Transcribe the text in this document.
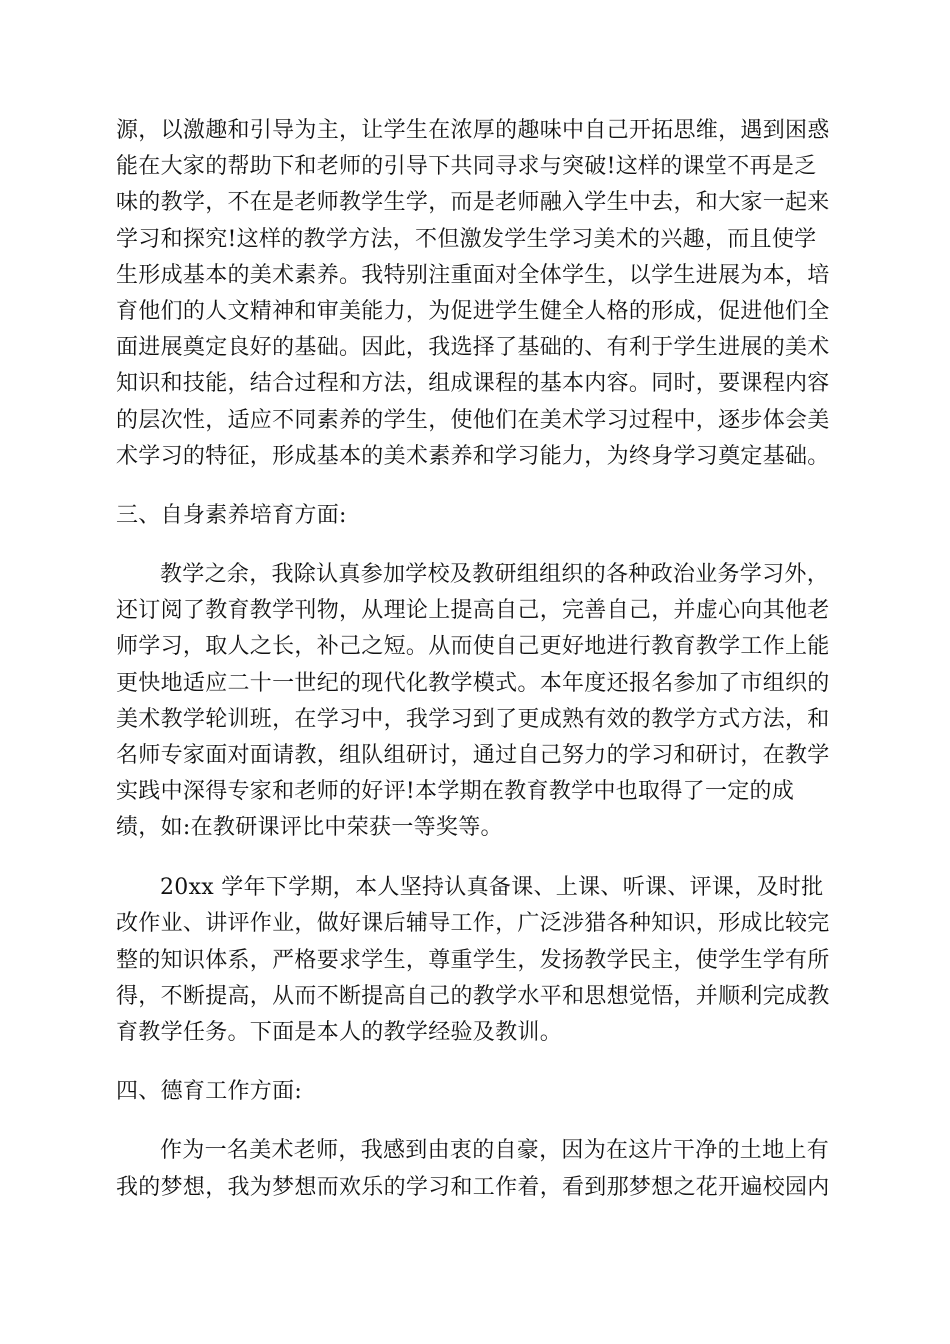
源，以激趣和引导为主，让学生在浓厚的趣味中自己开拓思维，遇到困惑
能在大家的帮助下和老师的引导下共同寻求与突破!这样的课堂不再是乏
味的教学，不在是老师教学生学，而是老师融入学生中去，和大家一起来
学习和探究!这样的教学方法，不但激发学生学习美术的兴趣，而且使学
生形成基本的美术素养。我特别注重面对全体学生，以学生进展为本，培
育他们的人文精神和审美能力，为促进学生健全人格的形成，促进他们全
面进展奠定良好的基础。因此，我选择了基础的、有利于学生进展的美术
知识和技能，结合过程和方法，组成课程的基本内容。同时，要课程内容
的层次性，适应不同素养的学生，使他们在美术学习过程中，逐步体会美
术学习的特征，形成基本的美术素养和学习能力，为终身学习奠定基础。
三、自身素养培育方面:
教学之余，我除认真参加学校及教研组组织的各种政治业务学习外，
还订阅了教育教学刊物，从理论上提高自己，完善自己，并虚心向其他老
师学习，取人之长，补己之短。从而使自己更好地进行教育教学工作上能
更快地适应二十一世纪的现代化教学模式。本年度还报名参加了市组织的
美术教学轮训班，在学习中，我学习到了更成熟有效的教学方式方法，和
名师专家面对面请教，组队组研讨，通过自己努力的学习和研讨，在教学
实践中深得专家和老师的好评!本学期在教育教学中也取得了一定的成
绩，如:在教研课评比中荣获一等奖等。
20xx 学年下学期，本人坚持认真备课、上课、听课、评课，及时批
改作业、讲评作业，做好课后辅导工作，广泛涉猎各种知识，形成比较完
整的知识体系，严格要求学生，尊重学生，发扬教学民主，使学生学有所
得，不断提高，从而不断提高自己的教学水平和思想觉悟，并顺利完成教
育教学任务。下面是本人的教学经验及教训。
四、德育工作方面:
作为一名美术老师，我感到由衷的自豪，因为在这片干净的土地上有
我的梦想，我为梦想而欢乐的学习和工作着，看到那梦想之花开遍校园内
